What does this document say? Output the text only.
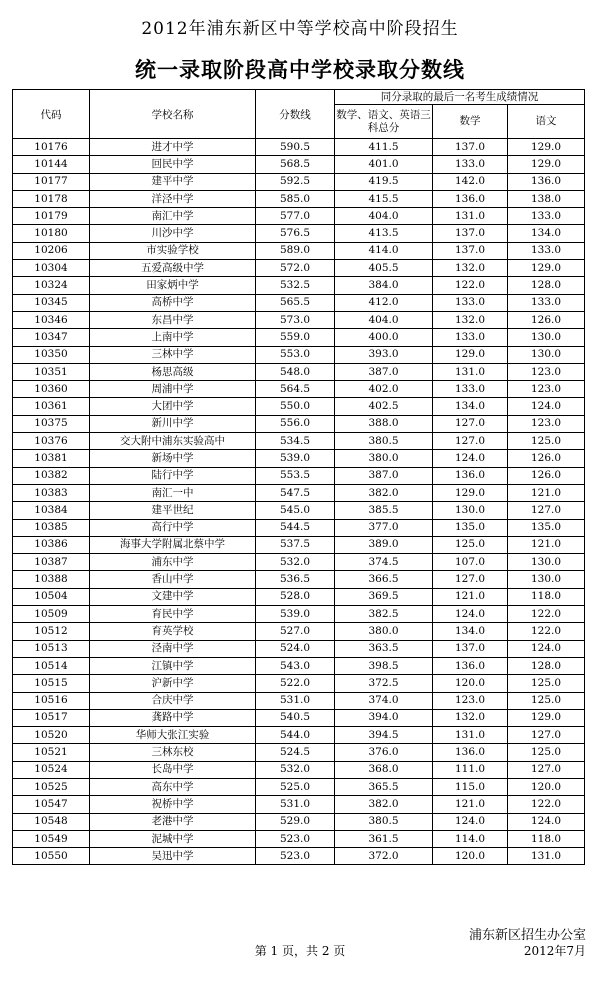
2012年浦东新区中等学校高中阶段招生
统一录取阶段高中学校录取分数线
代码	学校名称	分数线	同分录取的最后一名考生成绩情况		
			数学、语文、英语三科总分	数学	语文
10176	进才中学	590.5	411.5	137.0	129.0
10144	回民中学	568.5	401.0	133.0	129.0
10177	建平中学	592.5	419.5	142.0	136.0
10178	洋泾中学	585.0	415.5	136.0	138.0
10179	南汇中学	577.0	404.0	131.0	133.0
10180	川沙中学	576.5	413.5	137.0	134.0
10206	市实验学校	589.0	414.0	137.0	133.0
10304	五爱高级中学	572.0	405.5	132.0	129.0
10324	田家炳中学	532.5	384.0	122.0	128.0
10345	高桥中学	565.5	412.0	133.0	133.0
10346	东昌中学	573.0	404.0	132.0	126.0
10347	上南中学	559.0	400.0	133.0	130.0
10350	三林中学	553.0	393.0	129.0	130.0
10351	杨思高级	548.0	387.0	131.0	123.0
10360	周浦中学	564.5	402.0	133.0	123.0
10361	大团中学	550.0	402.5	134.0	124.0
10375	新川中学	556.0	388.0	127.0	123.0
10376	交大附中浦东实验高中	534.5	380.5	127.0	125.0
10381	新场中学	539.0	380.0	124.0	126.0
10382	陆行中学	553.5	387.0	136.0	126.0
10383	南汇一中	547.5	382.0	129.0	121.0
10384	建平世纪	545.0	385.5	130.0	127.0
10385	高行中学	544.5	377.0	135.0	135.0
10386	海事大学附属北蔡中学	537.5	389.0	125.0	121.0
10387	浦东中学	532.0	374.5	107.0	130.0
10388	香山中学	536.5	366.5	127.0	130.0
10504	文建中学	528.0	369.5	121.0	118.0
10509	育民中学	539.0	382.5	124.0	122.0
10512	育英学校	527.0	380.0	134.0	122.0
10513	泾南中学	524.0	363.5	137.0	124.0
10514	江镇中学	543.0	398.5	136.0	128.0
10515	沪新中学	522.0	372.5	120.0	125.0
10516	合庆中学	531.0	374.0	123.0	125.0
10517	龚路中学	540.5	394.0	132.0	129.0
10520	华师大张江实验	544.0	394.5	131.0	127.0
10521	三林东校	524.5	376.0	136.0	125.0
10524	长岛中学	532.0	368.0	111.0	127.0
10525	高东中学	525.0	365.5	115.0	120.0
10547	祝桥中学	531.0	382.0	121.0	122.0
10548	老港中学	529.0	380.5	124.0	124.0
10549	泥城中学	523.0	361.5	114.0	118.0
10550	吴迅中学	523.0	372.0	120.0	131.0
浦东新区招生办公室
第 1 页，共 2 页	2012年7月
